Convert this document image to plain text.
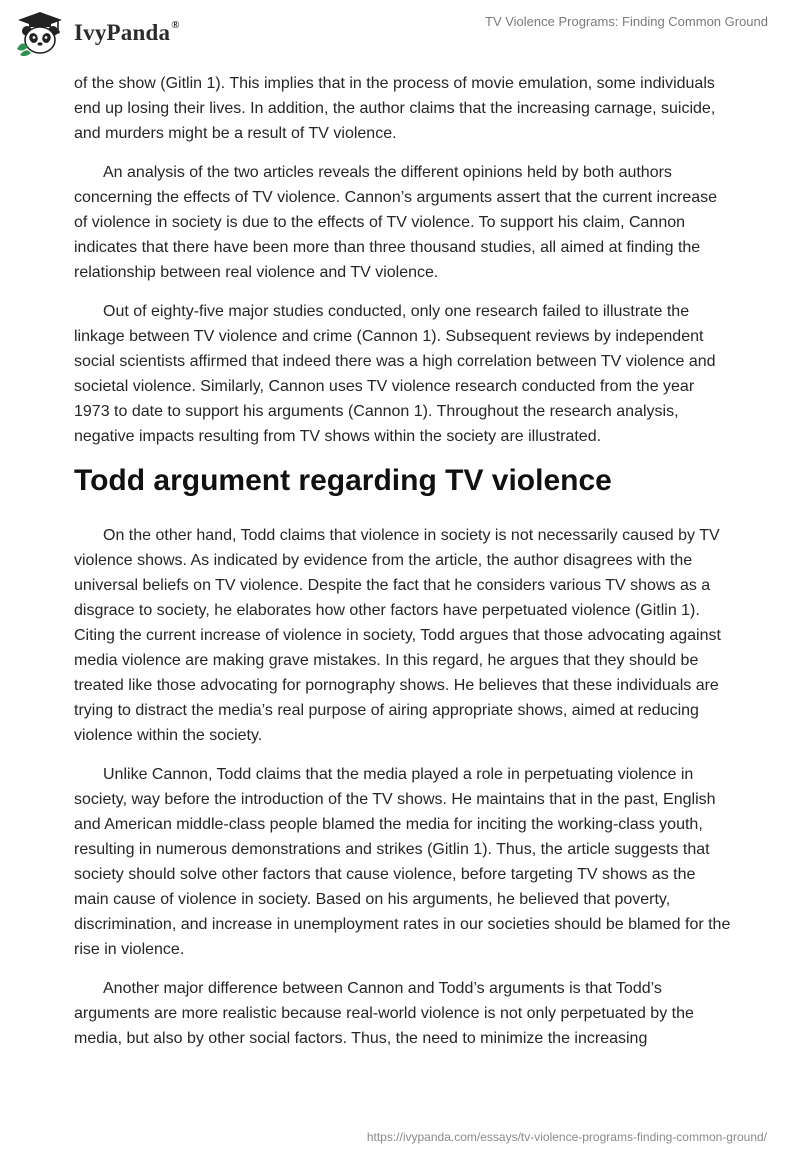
IvyPanda®	TV Violence Programs: Finding Common Ground

of the show (Gitlin 1). This implies that in the process of movie emulation, some individuals end up losing their lives. In addition, the author claims that the increasing carnage, suicide, and murders might be a result of TV violence.

An analysis of the two articles reveals the different opinions held by both authors concerning the effects of TV violence. Cannon’s arguments assert that the current increase of violence in society is due to the effects of TV violence. To support his claim, Cannon indicates that there have been more than three thousand studies, all aimed at finding the relationship between real violence and TV violence.

Out of eighty-five major studies conducted, only one research failed to illustrate the linkage between TV violence and crime (Cannon 1). Subsequent reviews by independent social scientists affirmed that indeed there was a high correlation between TV violence and societal violence. Similarly, Cannon uses TV violence research conducted from the year 1973 to date to support his arguments (Cannon 1). Throughout the research analysis, negative impacts resulting from TV shows within the society are illustrated.

Todd argument regarding TV violence

On the other hand, Todd claims that violence in society is not necessarily caused by TV violence shows. As indicated by evidence from the article, the author disagrees with the universal beliefs on TV violence. Despite the fact that he considers various TV shows as a disgrace to society, he elaborates how other factors have perpetuated violence (Gitlin 1). Citing the current increase of violence in society, Todd argues that those advocating against media violence are making grave mistakes. In this regard, he argues that they should be treated like those advocating for pornography shows. He believes that these individuals are trying to distract the media’s real purpose of airing appropriate shows, aimed at reducing violence within the society.

Unlike Cannon, Todd claims that the media played a role in perpetuating violence in society, way before the introduction of the TV shows. He maintains that in the past, English and American middle-class people blamed the media for inciting the working-class youth, resulting in numerous demonstrations and strikes (Gitlin 1). Thus, the article suggests that society should solve other factors that cause violence, before targeting TV shows as the main cause of violence in society. Based on his arguments, he believed that poverty, discrimination, and increase in unemployment rates in our societies should be blamed for the rise in violence.

Another major difference between Cannon and Todd’s arguments is that Todd’s arguments are more realistic because real-world violence is not only perpetuated by the media, but also by other social factors. Thus, the need to minimize the increasing

https://ivypanda.com/essays/tv-violence-programs-finding-common-ground/
